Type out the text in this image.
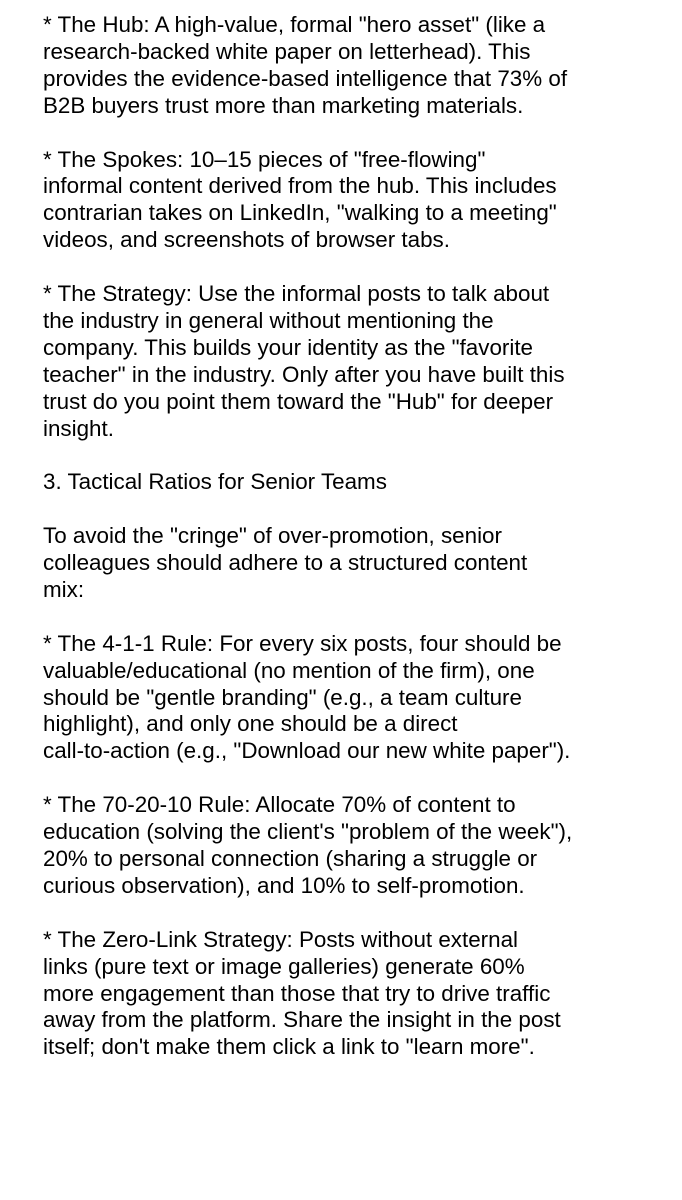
* The Hub: A high-value, formal "hero asset" (like a
research-backed white paper on letterhead). This
provides the evidence-based intelligence that 73% of
B2B buyers trust more than marketing materials.

* The Spokes: 10–15 pieces of "free-flowing"
informal content derived from the hub. This includes
contrarian takes on LinkedIn, "walking to a meeting"
videos, and screenshots of browser tabs.

* The Strategy: Use the informal posts to talk about
the industry in general without mentioning the
company. This builds your identity as the "favorite
teacher" in the industry. Only after you have built this
trust do you point them toward the "Hub" for deeper
insight.

3. Tactical Ratios for Senior Teams

To avoid the "cringe" of over-promotion, senior
colleagues should adhere to a structured content
mix:

* The 4-1-1 Rule: For every six posts, four should be
valuable/educational (no mention of the firm), one
should be "gentle branding" (e.g., a team culture
highlight), and only one should be a direct
call-to-action (e.g., "Download our new white paper").

* The 70-20-10 Rule: Allocate 70% of content to
education (solving the client's "problem of the week"),
20% to personal connection (sharing a struggle or
curious observation), and 10% to self-promotion.

* The Zero-Link Strategy: Posts without external
links (pure text or image galleries) generate 60%
more engagement than those that try to drive traffic
away from the platform. Share the insight in the post
itself; don't make them click a link to "learn more".
